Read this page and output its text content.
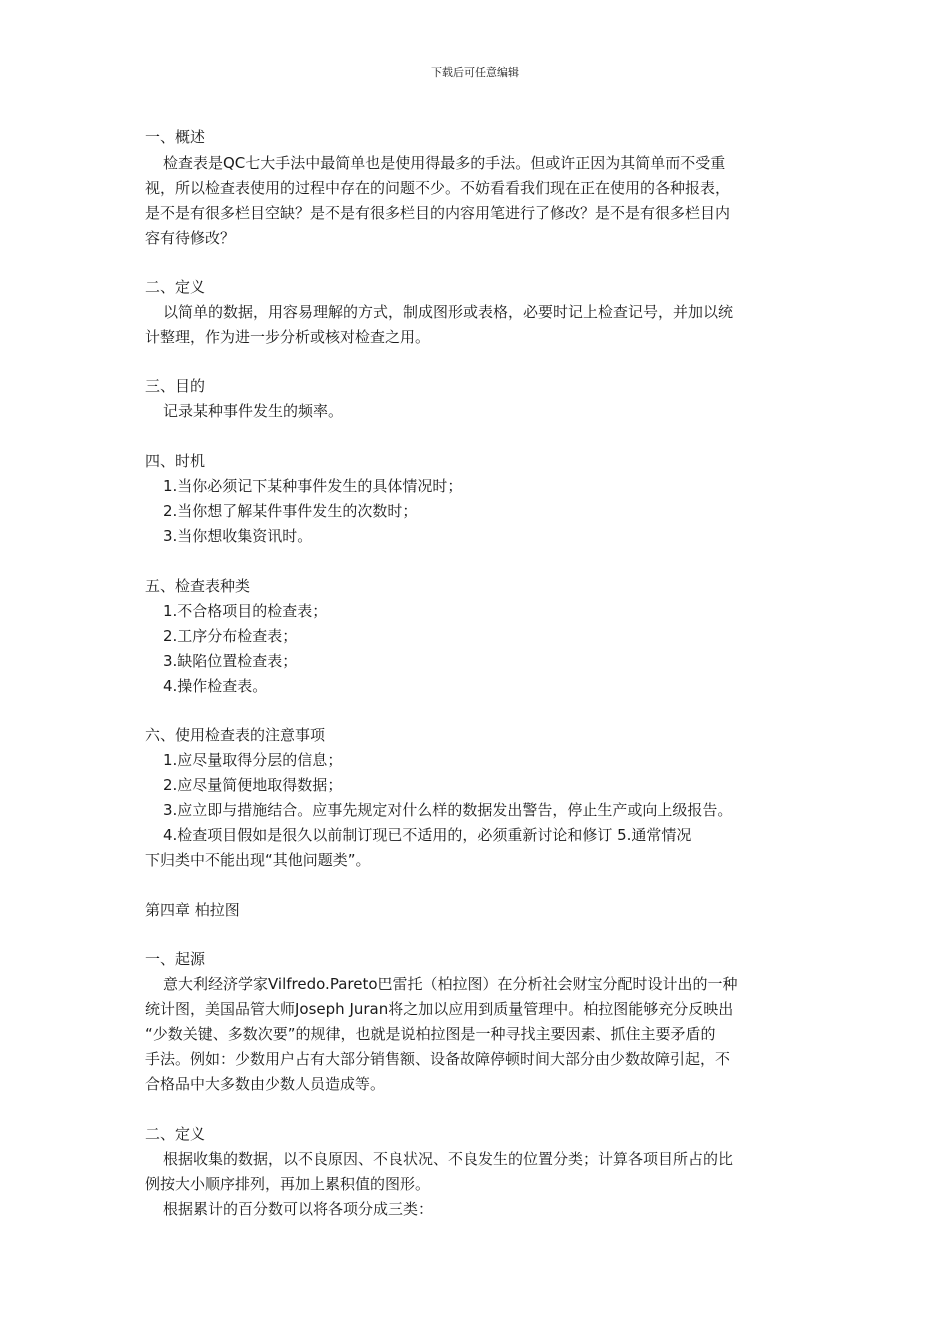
下载后可任意编辑
一、概述
检查表是QC七大手法中最简单也是使用得最多的手法。但或许正因为其简单而不受重
视，所以检查表使用的过程中存在的问题不少。不妨看看我们现在正在使用的各种报表，
是不是有很多栏目空缺？是不是有很多栏目的内容用笔进行了修改？是不是有很多栏目内
容有待修改？
二、定义
以简单的数据，用容易理解的方式，制成图形或表格，必要时记上检查记号，并加以统
计整理，作为进一步分析或核对检查之用。
三、目的
记录某种事件发生的频率。
四、时机
1.当你必须记下某种事件发生的具体情况时；
2.当你想了解某件事件发生的次数时；
3.当你想收集资讯时。
五、检查表种类
1.不合格项目的检查表；
2.工序分布检查表；
3.缺陷位置检查表；
4.操作检查表。
六、使用检查表的注意事项
1.应尽量取得分层的信息；
2.应尽量简便地取得数据；
3.应立即与措施结合。应事先规定对什么样的数据发出警告，停止生产或向上级报告。
4.检查项目假如是很久以前制订现已不适用的，必须重新讨论和修订 5.通常情况
下归类中不能出现“其他问题类”。
第四章 柏拉图
一、起源
意大利经济学家Vilfredo.Pareto巴雷托（柏拉图）在分析社会财宝分配时设计出的一种
统计图，美国品管大师Joseph Juran将之加以应用到质量管理中。柏拉图能够充分反映出
“少数关键、多数次要”的规律，也就是说柏拉图是一种寻找主要因素、抓住主要矛盾的
手法。例如：少数用户占有大部分销售额、设备故障停顿时间大部分由少数故障引起，不
合格品中大多数由少数人员造成等。
二、定义
根据收集的数据，以不良原因、不良状况、不良发生的位置分类；计算各项目所占的比
例按大小顺序排列，再加上累积值的图形。
根据累计的百分数可以将各项分成三类：
